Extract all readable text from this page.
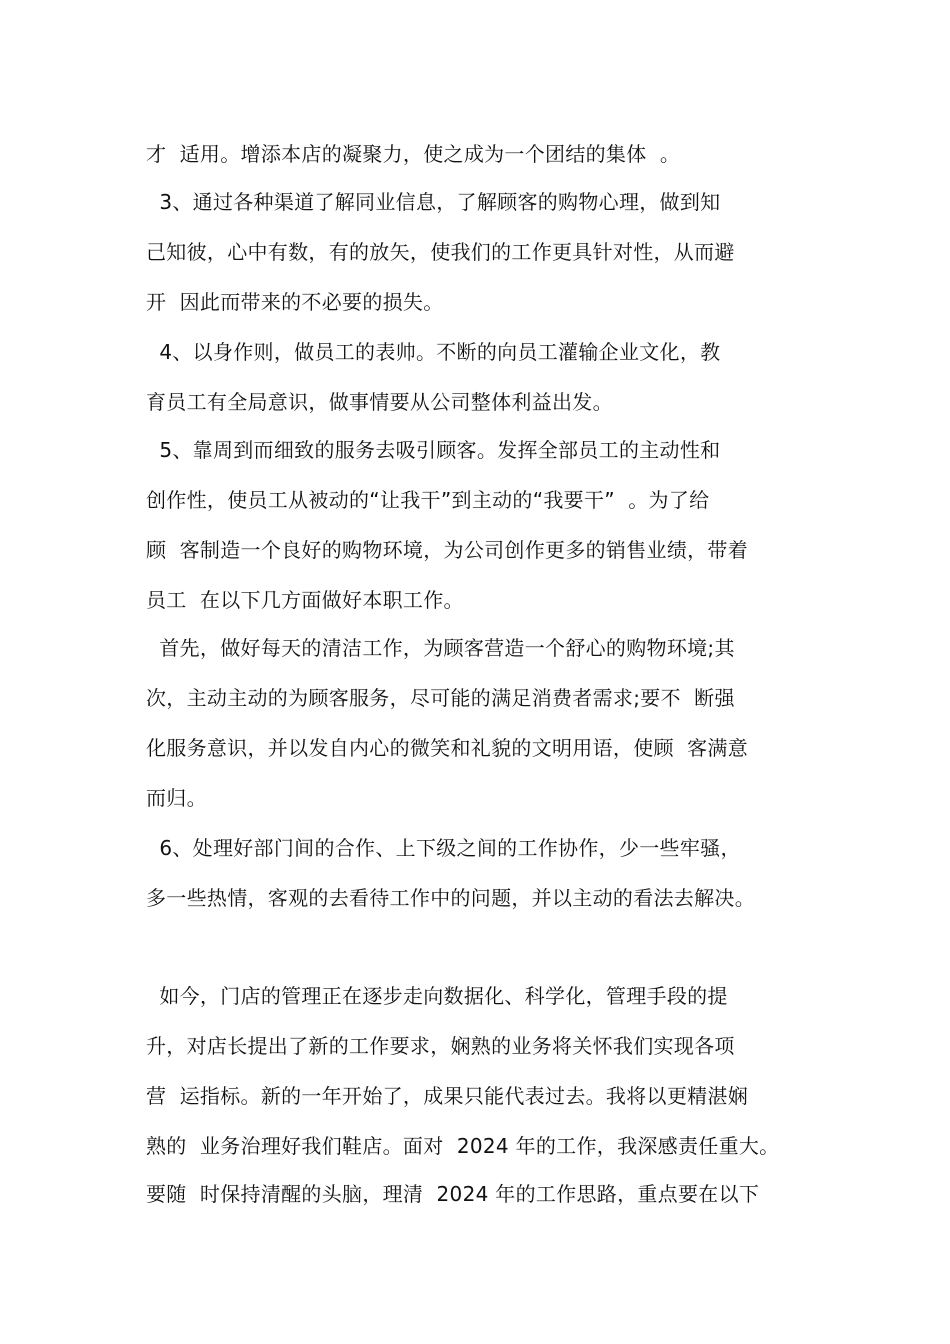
才  适用。增添本店的凝聚力，使之成为一个团结的集体  。
3、通过各种渠道了解同业信息，了解顾客的购物心理，做到知
己知彼，心中有数，有的放矢，使我们的工作更具针对性，从而避
开  因此而带来的不必要的损失。
4、以身作则，做员工的表帅。不断的向员工灌输企业文化，教
育员工有全局意识，做事情要从公司整体利益出发。
5、靠周到而细致的服务去吸引顾客。发挥全部员工的主动性和
创作性，使员工从被动的“让我干”到主动的“我要干”  。为了给
顾  客制造一个良好的购物环境，为公司创作更多的销售业绩，带着
员工  在以下几方面做好本职工作。
首先，做好每天的清洁工作，为顾客营造一个舒心的购物环境;其
次，主动主动的为顾客服务，尽可能的满足消费者需求;要不  断强
化服务意识，并以发自内心的微笑和礼貌的文明用语，使顾  客满意
而归。
6、处理好部门间的合作、上下级之间的工作协作，少一些牢骚，
多一些热情，客观的去看待工作中的问题，并以主动的看法去解决。
如今，门店的管理正在逐步走向数据化、科学化，管理手段的提
升，对店长提出了新的工作要求，娴熟的业务将关怀我们实现各项
营  运指标。新的一年开始了，成果只能代表过去。我将以更精湛娴
熟的  业务治理好我们鞋店。面对  2024 年的工作，我深感责任重大。
要随  时保持清醒的头脑，理清  2024 年的工作思路，重点要在以下
